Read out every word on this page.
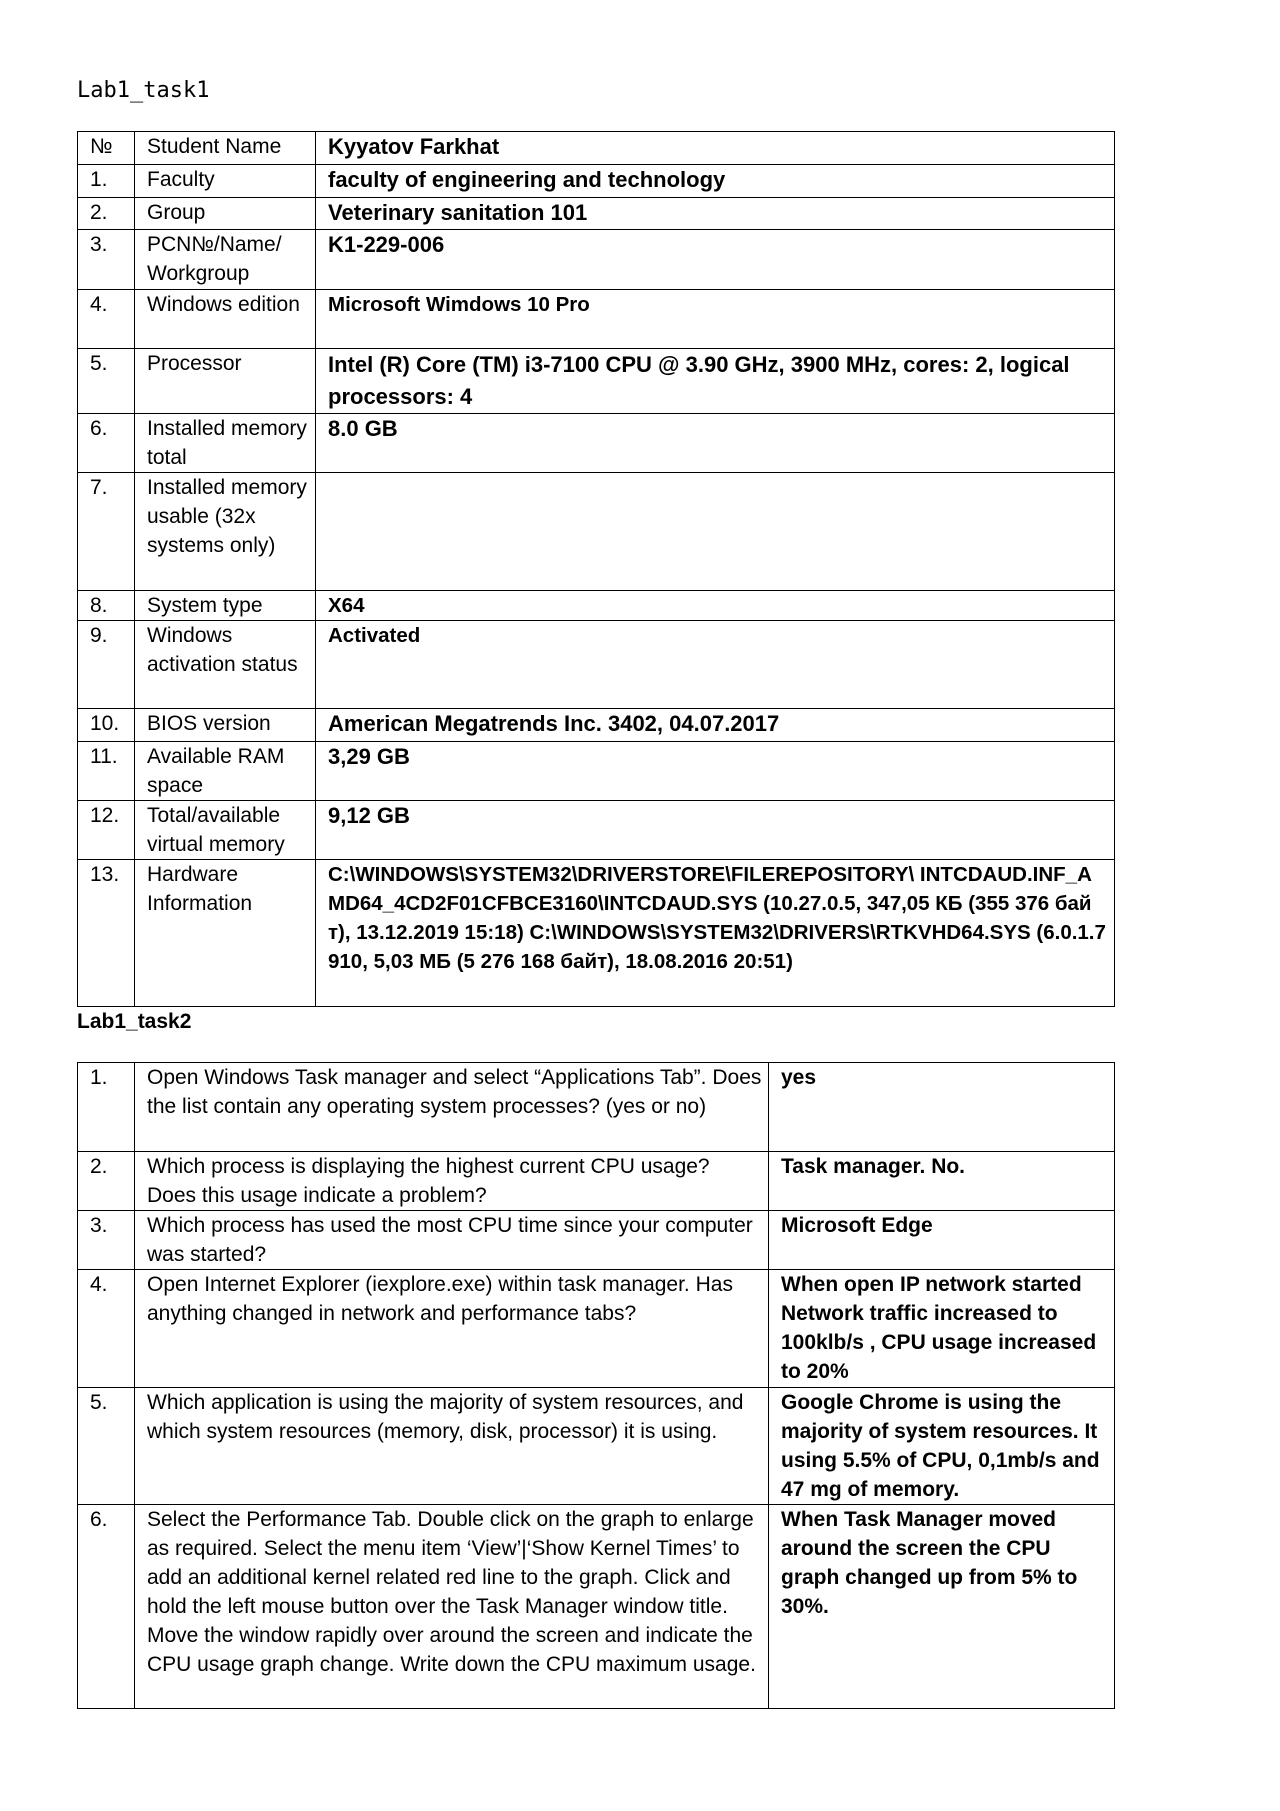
Lab1_task1
№	Student Name	Kyyatov Farkhat
1.	Faculty	faculty of engineering and technology
2.	Group	Veterinary sanitation 101
3.	PCN№/Name/ Workgroup	K1-229-006
4.	Windows edition	Microsoft Wimdows 10 Pro
5.	Processor	Intel (R) Core (TM) i3-7100 CPU @ 3.90 GHz, 3900 MHz, cores: 2, logical processors: 4
6.	Installed memory total	8.0 GB
7.	Installed memory usable (32x systems only)	
8.	System type	X64
9.	Windows activation status	Activated
10.	BIOS version	American Megatrends Inc. 3402, 04.07.2017
11.	Available RAM space	3,29 GB
12.	Total/available virtual memory	9,12 GB
13.	Hardware Information	C:\WINDOWS\SYSTEM32\DRIVERSTORE\FILEREPOSITORY\ INTCDAUD.INF_AMD64_4CD2F01CFBCE3160\INTCDAUD.SYS (10.27.0.5, 347,05 КБ (355 376 байт), 13.12.2019 15:18) C:\WINDOWS\SYSTEM32\DRIVERS\RTKVHD64.SYS (6.0.1.7910, 5,03 МБ (5 276 168 байт), 18.08.2016 20:51)
Lab1_task2
1.	Open Windows Task manager and select “Applications Tab”. Does the list contain any operating system processes? (yes or no)	yes
2.	Which process is displaying the highest current CPU usage? Does this usage indicate a problem?	Task manager. No.
3.	Which process has used the most CPU time since your computer was started?	Microsoft Edge
4.	Open Internet Explorer (iexplore.exe) within task manager. Has anything changed in network and performance tabs?	When open IP network started Network traffic increased to 100klb/s , CPU usage increased to 20%
5.	Which application is using the majority of system resources, and which system resources (memory, disk, processor) it is using.	Google Chrome is using the majority of system resources. It using 5.5% of CPU, 0,1mb/s and 47 mg of memory.
6.	Select the Performance Tab. Double click on the graph to enlarge as required. Select the menu item ‘View’|‘Show Kernel Times’ to add an additional kernel related red line to the graph. Click and hold the left mouse button over the Task Manager window title. Move the window rapidly over around the screen and indicate the CPU usage graph change. Write down the CPU maximum usage.	When Task Manager moved around the screen the CPU graph changed up from 5% to 30%.
